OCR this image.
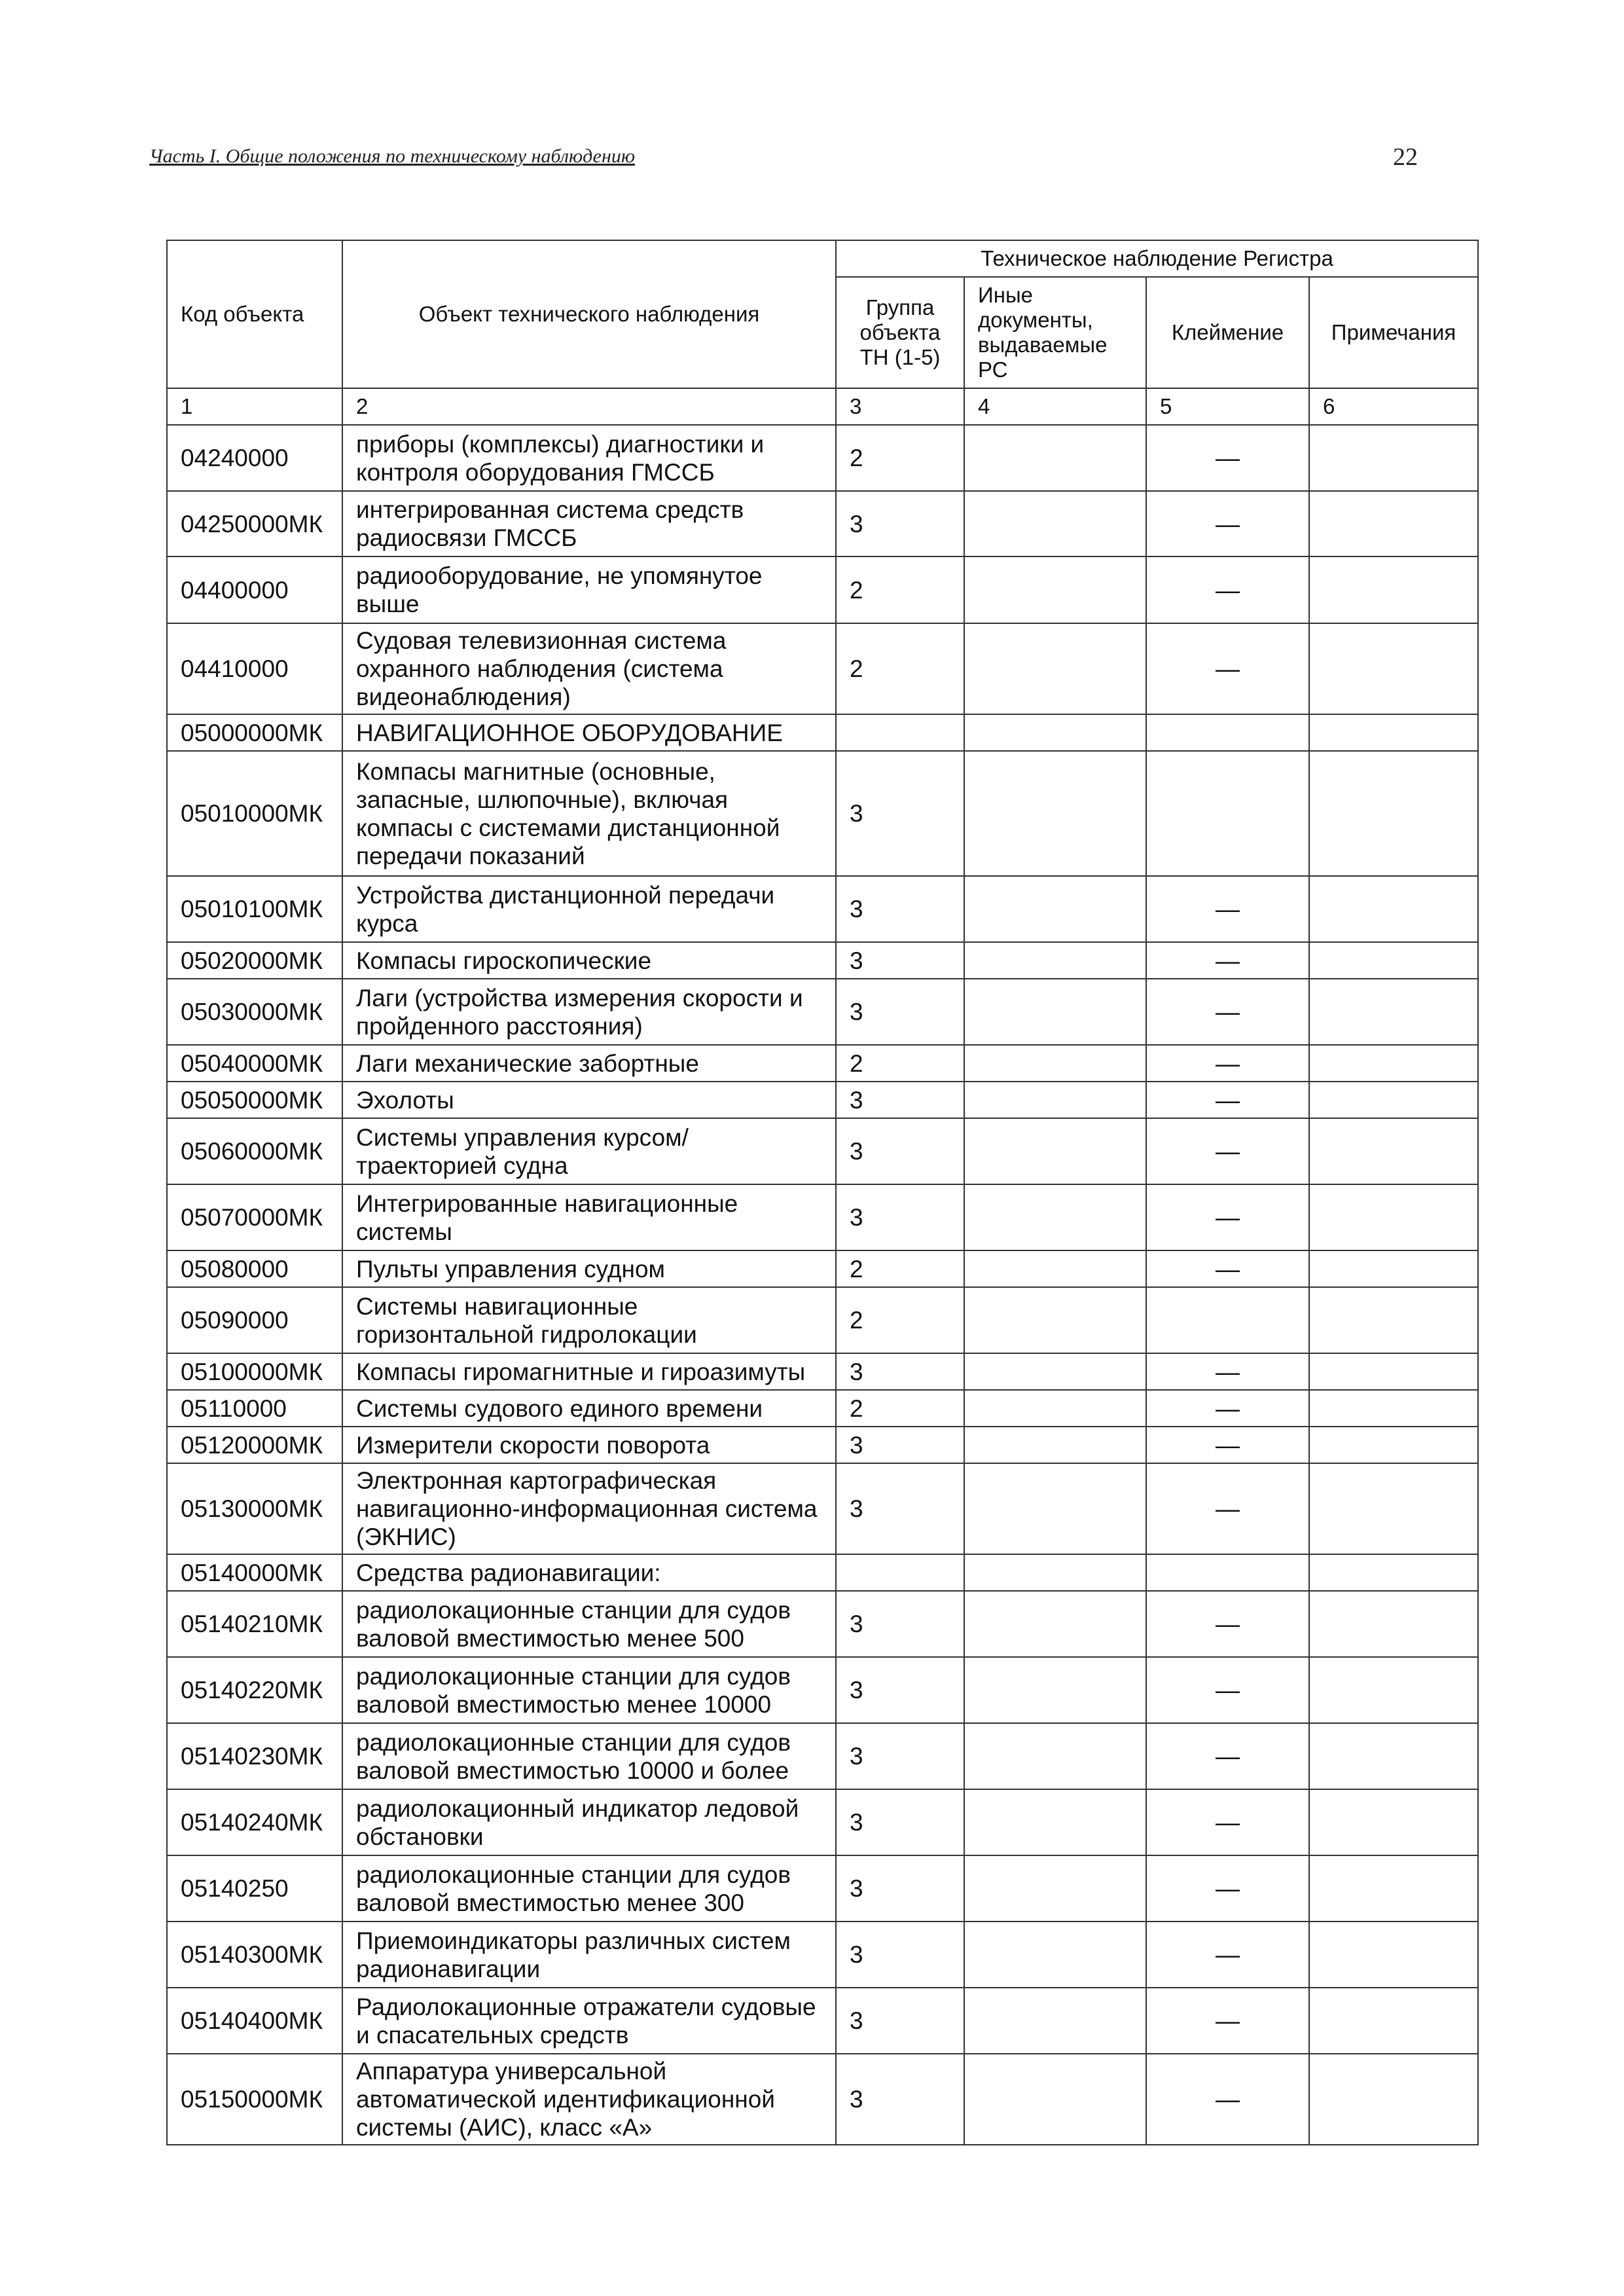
Часть I. Общие положения по техническому наблюдению	22
Код объекта	Объект технического наблюдения	Техническое наблюдение Регистра			
		Группа объекта ТН (1-5)	Иные документы, выдаваемые РС	Клеймение	Примечания
1	2	3	4	5	6
04240000	приборы (комплексы) диагностики и контроля оборудования ГМССБ	2		—	
04250000МК	интегрированная система средств радиосвязи ГМССБ	3		—	
04400000	радиооборудование, не упомянутое выше	2		—	
04410000	Судовая телевизионная система охранного наблюдения (система видеонаблюдения)	2		—	
05000000МК	НАВИГАЦИОННОЕ ОБОРУДОВАНИЕ				
05010000МК	Компасы магнитные (основные, запасные, шлюпочные), включая компасы с системами дистанционной передачи показаний	3			
05010100МК	Устройства дистанционной передачи курса	3		—	
05020000МК	Компасы гироскопические	3		—	
05030000МК	Лаги (устройства измерения скорости и пройденного расстояния)	3		—	
05040000МК	Лаги механические забортные	2		—	
05050000МК	Эхолоты	3		—	
05060000МК	Системы управления курсом/траекторией судна	3		—	
05070000МК	Интегрированные навигационные системы	3		—	
05080000	Пульты управления судном	2		—	
05090000	Системы навигационные горизонтальной гидролокации	2			
05100000МК	Компасы гиромагнитные и гироазимуты	3		—	
05110000	Системы судового единого времени	2		—	
05120000МК	Измерители скорости поворота	3		—	
05130000МК	Электронная картографическая навигационно-информационная система (ЭКНИС)	3		—	
05140000МК	Средства радионавигации:				
05140210МК	радиолокационные станции для судов валовой вместимостью менее 500	3		—	
05140220МК	радиолокационные станции для судов валовой вместимостью менее 10000	3		—	
05140230МК	радиолокационные станции для судов валовой вместимостью 10000 и более	3		—	
05140240МК	радиолокационный индикатор ледовой обстановки	3		—	
05140250	радиолокационные станции для судов валовой вместимостью менее 300	3		—	
05140300МК	Приемоиндикаторы различных систем радионавигации	3		—	
05140400МК	Радиолокационные отражатели судовые и спасательных средств	3		—	
05150000МК	Аппаратура универсальной автоматической идентификационной системы (АИС), класс «А»	3		—	
